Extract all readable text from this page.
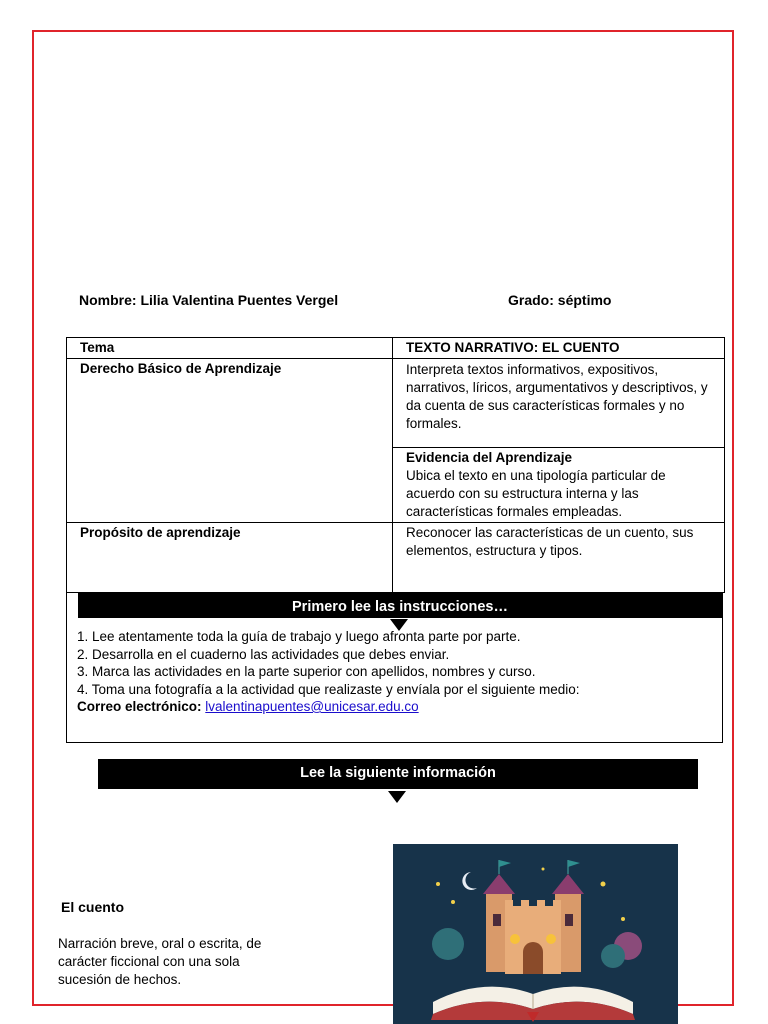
Nombre: Lilia Valentina Puentes Vergel	Grado: séptimo
Tema	TEXTO NARRATIVO: EL CUENTO
Derecho Básico de Aprendizaje	Interpreta textos informativos, expositivos, narrativos, líricos, argumentativos y descriptivos, y da cuenta de sus características formales y no formales.

	Evidencia del Aprendizaje
Ubica el texto en una tipología particular de acuerdo con su estructura interna y las características formales empleadas.

Propósito de aprendizaje	Reconocer las características de un cuento, sus elementos, estructura y tipos.
Primero lee las instrucciones…
1. Lee atentamente toda la guía de trabajo y luego afronta parte por parte.
2. Desarrolla en el cuaderno las actividades que debes enviar.
3. Marca las actividades en la parte superior con apellidos, nombres y curso.
4. Toma una fotografía a la actividad que realizaste y envíala por el siguiente medio:
Correo electrónico: lvalentinapuentes@unicesar.edu.co
Lee la siguiente información
El cuento
Narración breve, oral o escrita, de carácter ficcional con una sola sucesión de hechos.
